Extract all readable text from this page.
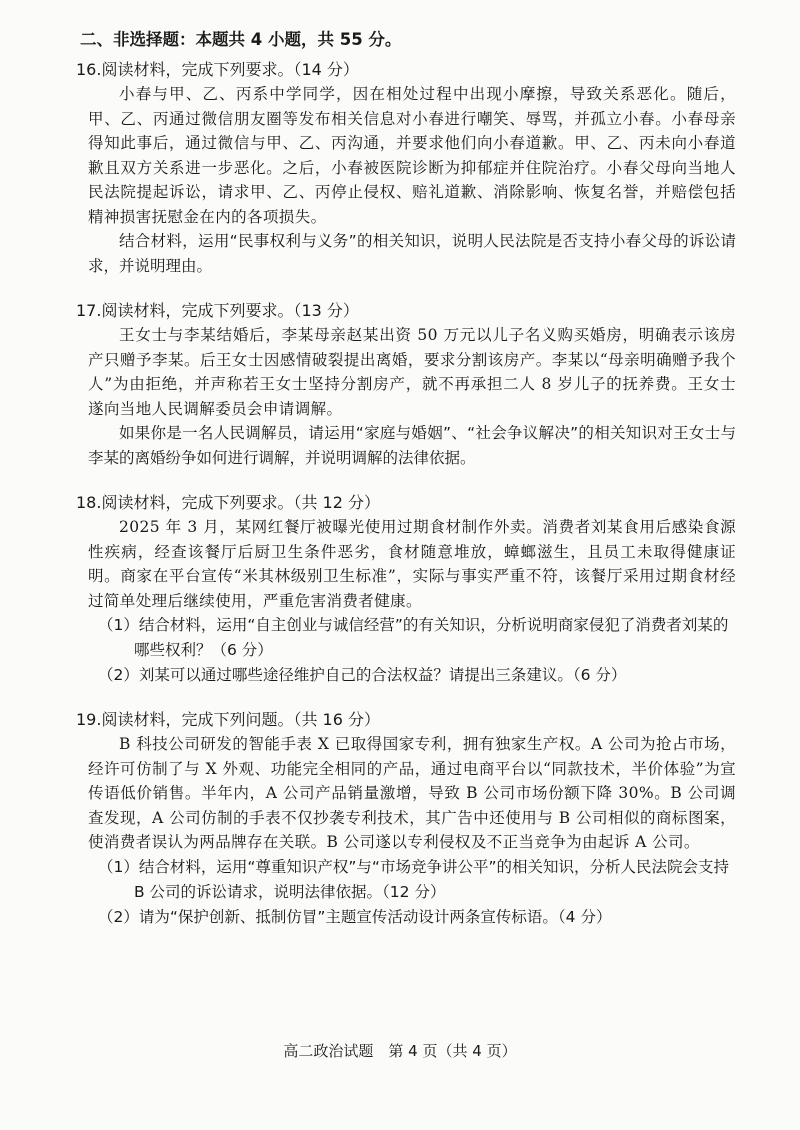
二、非选择题：本题共 4 小题，共 55 分。
16.阅读材料，完成下列要求。（14 分）
小春与甲、乙、丙系中学同学，因在相处过程中出现小摩擦，导致关系恶化。随后，甲、乙、丙通过微信朋友圈等发布相关信息对小春进行嘲笑、辱骂，并孤立小春。小春母亲得知此事后，通过微信与甲、乙、丙沟通，并要求他们向小春道歉。甲、乙、丙未向小春道歉且双方关系进一步恶化。之后，小春被医院诊断为抑郁症并住院治疗。小春父母向当地人民法院提起诉讼，请求甲、乙、丙停止侵权、赔礼道歉、消除影响、恢复名誉，并赔偿包括精神损害抚慰金在内的各项损失。
结合材料，运用“民事权利与义务”的相关知识，说明人民法院是否支持小春父母的诉讼请求，并说明理由。
17.阅读材料，完成下列要求。（13 分）
王女士与李某结婚后，李某母亲赵某出资 50 万元以儿子名义购买婚房，明确表示该房产只赠予李某。后王女士因感情破裂提出离婚，要求分割该房产。李某以“母亲明确赠予我个人”为由拒绝，并声称若王女士坚持分割房产，就不再承担二人 8 岁儿子的抚养费。王女士遂向当地人民调解委员会申请调解。
如果你是一名人民调解员，请运用“家庭与婚姻”、“社会争议解决”的相关知识对王女士与李某的离婚纷争如何进行调解，并说明调解的法律依据。
18.阅读材料，完成下列要求。（共 12 分）
2025 年 3 月，某网红餐厅被曝光使用过期食材制作外卖。消费者刘某食用后感染食源性疾病，经查该餐厅后厨卫生条件恶劣，食材随意堆放，蟑螂滋生，且员工未取得健康证明。商家在平台宣传“米其林级别卫生标准”，实际与事实严重不符，该餐厅采用过期食材经过简单处理后继续使用，严重危害消费者健康。
（1）结合材料，运用“自主创业与诚信经营”的有关知识，分析说明商家侵犯了消费者刘某的哪些权利？（6 分）
（2）刘某可以通过哪些途径维护自己的合法权益？请提出三条建议。（6 分）
19.阅读材料，完成下列问题。（共 16 分）
B 科技公司研发的智能手表 X 已取得国家专利，拥有独家生产权。A 公司为抢占市场，经许可仿制了与 X 外观、功能完全相同的产品，通过电商平台以“同款技术，半价体验”为宣传语低价销售。半年内，A 公司产品销量激增，导致 B 公司市场份额下降 30%。B 公司调查发现，A 公司仿制的手表不仅抄袭专利技术，其广告中还使用与 B 公司相似的商标图案，使消费者误认为两品牌存在关联。B 公司遂以专利侵权及不正当竞争为由起诉 A 公司。
（1）结合材料，运用“尊重知识产权”与“市场竞争讲公平”的相关知识，分析人民法院会支持 B 公司的诉讼请求，说明法律依据。（12 分）
（2）请为“保护创新、抵制仿冒”主题宣传活动设计两条宣传标语。（4 分）
高二政治试题　第 4 页（共 4 页）
